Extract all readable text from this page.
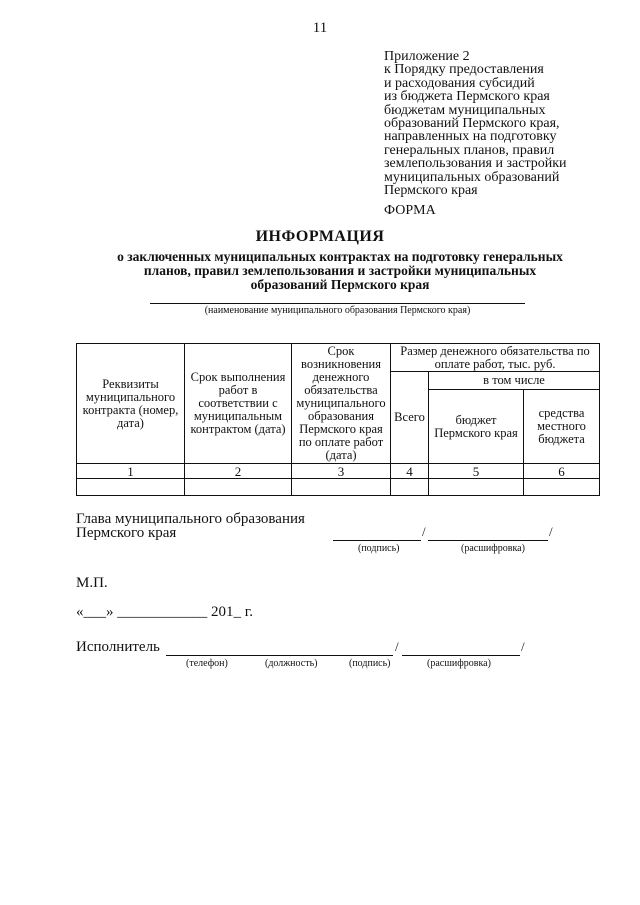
11
Приложение 2
к Порядку предоставления
и расходования субсидий
из бюджета Пермского края
бюджетам муниципальных
образований Пермского края,
направленных на подготовку
генеральных планов, правил
землепользования и застройки
муниципальных образований
Пермского края
ФОРМА
ИНФОРМАЦИЯ
о заключенных муниципальных контрактах на подготовку генеральных
планов, правил землепользования и застройки муниципальных
образований Пермского края
(наименование муниципального образования Пермского края)
Реквизиты муниципального контракта (номер, дата)	Срок выполнения работ в соответствии с муниципальным контрактом (дата)	Срок возникновения денежного обязательства муниципального образования Пермского края по оплате работ (дата)	Размер денежного обязательства по оплате работ, тыс. руб.		
			Всего	в том числе	
				бюджет Пермского края	средства местного бюджета
1	2	3	4	5	6

Глава муниципального образования
Пермского края	/	/
(подпись)	(расшифровка)
М.П.
«___» ____________ 201_ г.
Исполнитель	/	/
(телефон)	(должность)	(подпись)	(расшифровка)
